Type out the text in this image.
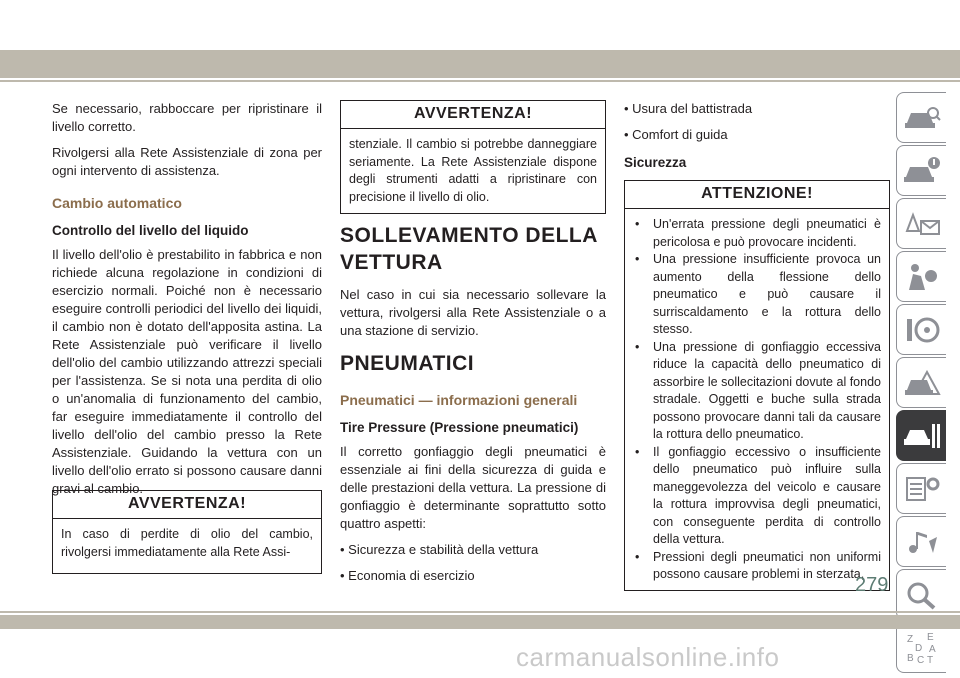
Se necessario, rabboccare per ripristinare il livello corretto.

Rivolgersi alla Rete Assistenziale di zona per ogni intervento di assistenza.

Cambio automatico
Controllo del livello del liquido

Il livello dell'olio è prestabilito in fabbrica e non richiede alcuna regolazione in condizioni di esercizio normali. Poiché non è necessario eseguire controlli periodici del livello dei liquidi, il cambio non è dotato dell'apposita astina. La Rete Assistenziale può verificare il livello dell'olio del cambio utilizzando attrezzi speciali per l'assistenza. Se si nota una perdita di olio o un'anomalia di funzionamento del cambio, far eseguire immediatamente il controllo del livello dell'olio del cambio presso la Rete Assistenziale. Guidando la vettura con un livello dell'olio errato si possono causare danni gravi al cambio.

AVVERTENZA!
In caso di perdite di olio del cambio, rivolgersi immediatamente alla Rete Assi-
AVVERTENZA!
stenziale. Il cambio si potrebbe danneggiare seriamente. La Rete Assistenziale dispone degli strumenti adatti a ripristinare con precisione il livello di olio.
SOLLEVAMENTO DELLA VETTURA

Nel caso in cui sia necessario sollevare la vettura, rivolgersi alla Rete Assistenziale o a una stazione di servizio.

PNEUMATICI
Pneumatici — informazioni generali
Tire Pressure (Pressione pneumatici)

Il corretto gonfiaggio degli pneumatici è essenziale ai fini della sicurezza di guida e delle prestazioni della vettura. La pressione di gonfiaggio è determinante soprattutto sotto quattro aspetti:

• Sicurezza e stabilità della vettura

• Economia di esercizio

• Usura del battistrada

• Comfort di guida

Sicurezza
ATTENZIONE!
• Un'errata pressione degli pneumatici è pericolosa e può provocare incidenti.
• Una pressione insufficiente provoca un aumento della flessione dello pneumatico e può causare il surriscaldamento e la rottura dello stesso.
• Una pressione di gonfiaggio eccessiva riduce la capacità dello pneumatico di assorbire le sollecitazioni dovute al fondo stradale. Oggetti e buche sulla strada possono provocare danni tali da causare la rottura dello pneumatico.
• Il gonfiaggio eccessivo o insufficiente dello pneumatico può influire sulla maneggevolezza del veicolo e causare la rottura improvvisa degli pneumatici, con conseguente perdita di controllo della vettura.
• Pressioni degli pneumatici non uniformi possono causare problemi in sterzata,
Z E
A
D
B C T
279
carmanualsonline.info
